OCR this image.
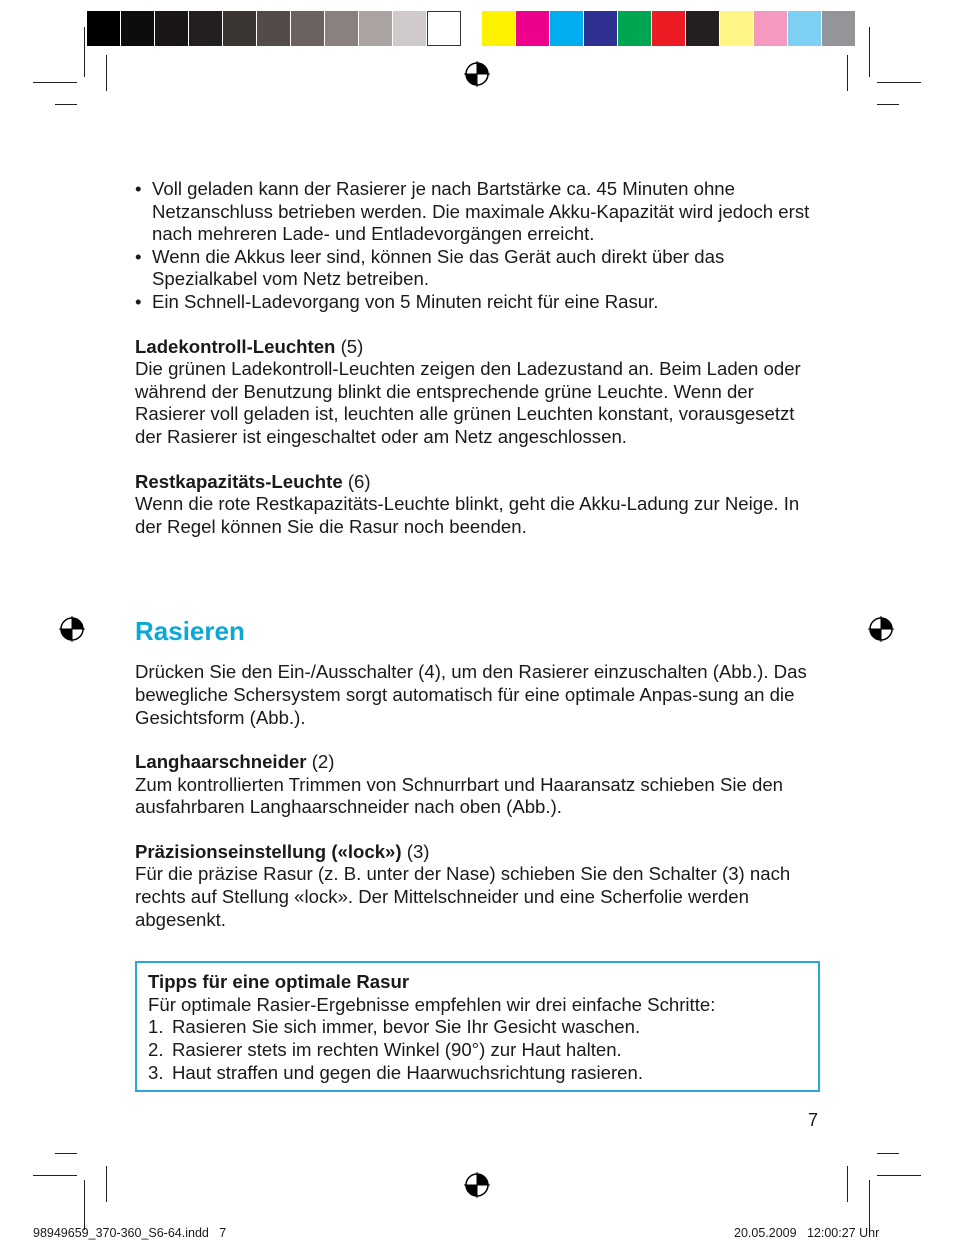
• Voll geladen kann der Rasierer je nach Bartstärke ca. 45 Minuten ohne Netzanschluss betrieben werden. Die maximale Akku-Kapazität wird jedoch erst nach mehreren Lade- und Entladevorgängen erreicht.
• Wenn die Akkus leer sind, können Sie das Gerät auch direkt über das Spezialkabel vom Netz betreiben.
• Ein Schnell-Ladevorgang von 5 Minuten reicht für eine Rasur.

Ladekontroll-Leuchten (5)

Die grünen Ladekontroll-Leuchten zeigen den Ladezustand an. Beim Laden oder während der Benutzung blinkt die entsprechende grüne Leuchte. Wenn der Rasierer voll geladen ist, leuchten alle grünen Leuchten konstant, vorausgesetzt der Rasierer ist eingeschaltet oder am Netz angeschlossen.

Restkapazitäts-Leuchte (6)

Wenn die rote Restkapazitäts-Leuchte blinkt, geht die Akku-Ladung zur Neige. In der Regel können Sie die Rasur noch beenden.

Rasieren

Drücken Sie den Ein-/Ausschalter (4), um den Rasierer einzuschalten (Abb.). Das bewegliche Schersystem sorgt automatisch für eine optimale Anpas-sung an die Gesichtsform (Abb.).

Langhaarschneider (2)

Zum kontrollierten Trimmen von Schnurrbart und Haaransatz schieben Sie den ausfahrbaren Langhaarschneider nach oben (Abb.).

Präzisionseinstellung («lock») (3)

Für die präzise Rasur (z. B. unter der Nase) schieben Sie den Schalter (3) nach rechts auf Stellung «lock». Der Mittelschneider und eine Scherfolie werden abgesenkt.

Tipps für eine optimale Rasur

Für optimale Rasier-Ergebnisse empfehlen wir drei einfache Schritte:

1. Rasieren Sie sich immer, bevor Sie Ihr Gesicht waschen.
2. Rasierer stets im rechten Winkel (90°) zur Haut halten.
3. Haut straffen und gegen die Haarwuchsrichtung rasieren.
7
98949659_370-360_S6-64.indd   7	20.05.2009   12:00:27 Uhr
